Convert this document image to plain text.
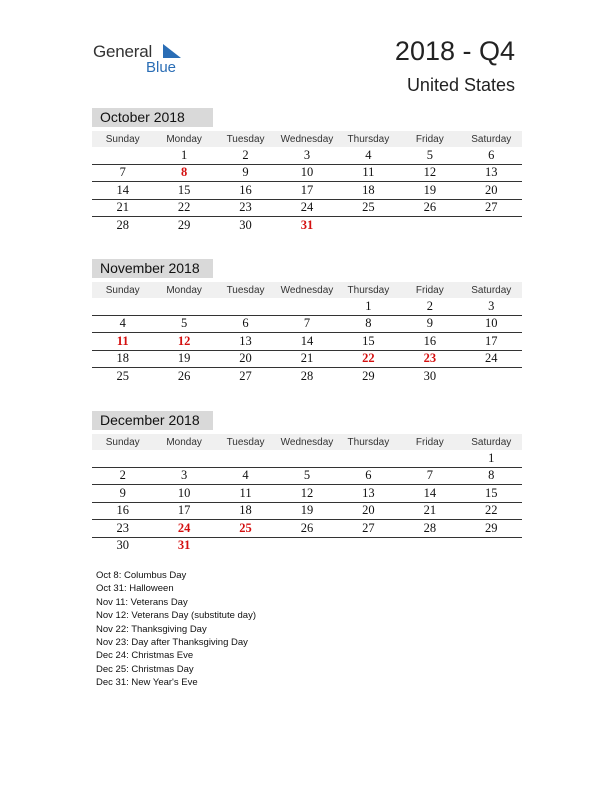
General
Blue
2018 - Q4
United States
October 2018
Sunday	Monday	Tuesday	Wednesday	Thursday	Friday	Saturday
	1	2	3	4	5	6
7	8	9	10	11	12	13
14	15	16	17	18	19	20
21	22	23	24	25	26	27
28	29	30	31			
November 2018
Sunday	Monday	Tuesday	Wednesday	Thursday	Friday	Saturday
				1	2	3
4	5	6	7	8	9	10
11	12	13	14	15	16	17
18	19	20	21	22	23	24
25	26	27	28	29	30	
December 2018
Sunday	Monday	Tuesday	Wednesday	Thursday	Friday	Saturday
						1
2	3	4	5	6	7	8
9	10	11	12	13	14	15
16	17	18	19	20	21	22
23	24	25	26	27	28	29
30	31					
Oct 8: Columbus Day
Oct 31: Halloween
Nov 11: Veterans Day
Nov 12: Veterans Day (substitute day)
Nov 22: Thanksgiving Day
Nov 23: Day after Thanksgiving Day
Dec 24: Christmas Eve
Dec 25: Christmas Day
Dec 31: New Year's Eve
